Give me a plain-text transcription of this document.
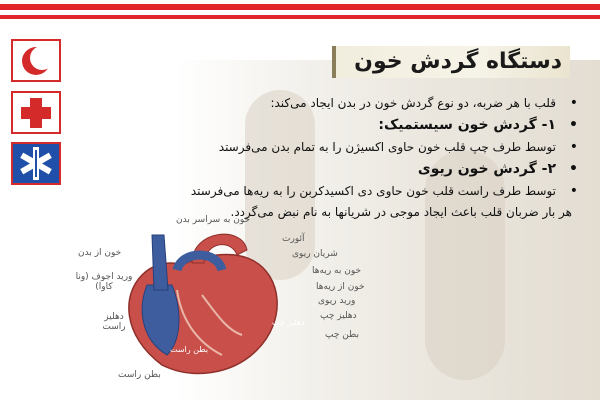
دستگاه گردش خون
• قلب با هر ضربه، دو نوع گردش خون در بدن ایجاد می‌کند:
• ۱- گردش خون سیستمیک:
• توسط طرف چپ قلب خون حاوی اکسیژن را به تمام بدن می‌فرستد
• ۲- گردش خون ریوی
• توسط طرف راست قلب خون حاوی دی اکسیدکربن را به ریه‌ها می‌فرستد
هر بار ضربان قلب باعث ایجاد موجی در شریانها به نام نبض می‌گردد.
خون به سراسر بدن
آئورت
شریان ریوی
خون به ریه‌ها
خون از ریه‌ها
ورید ریوی
دهلیز چپ
بطن چپ
خون از بدن
ورید اجوف (ونا کاوا)
دهلیز راست
بطن راست
دهلیز چپ
بطن راست
